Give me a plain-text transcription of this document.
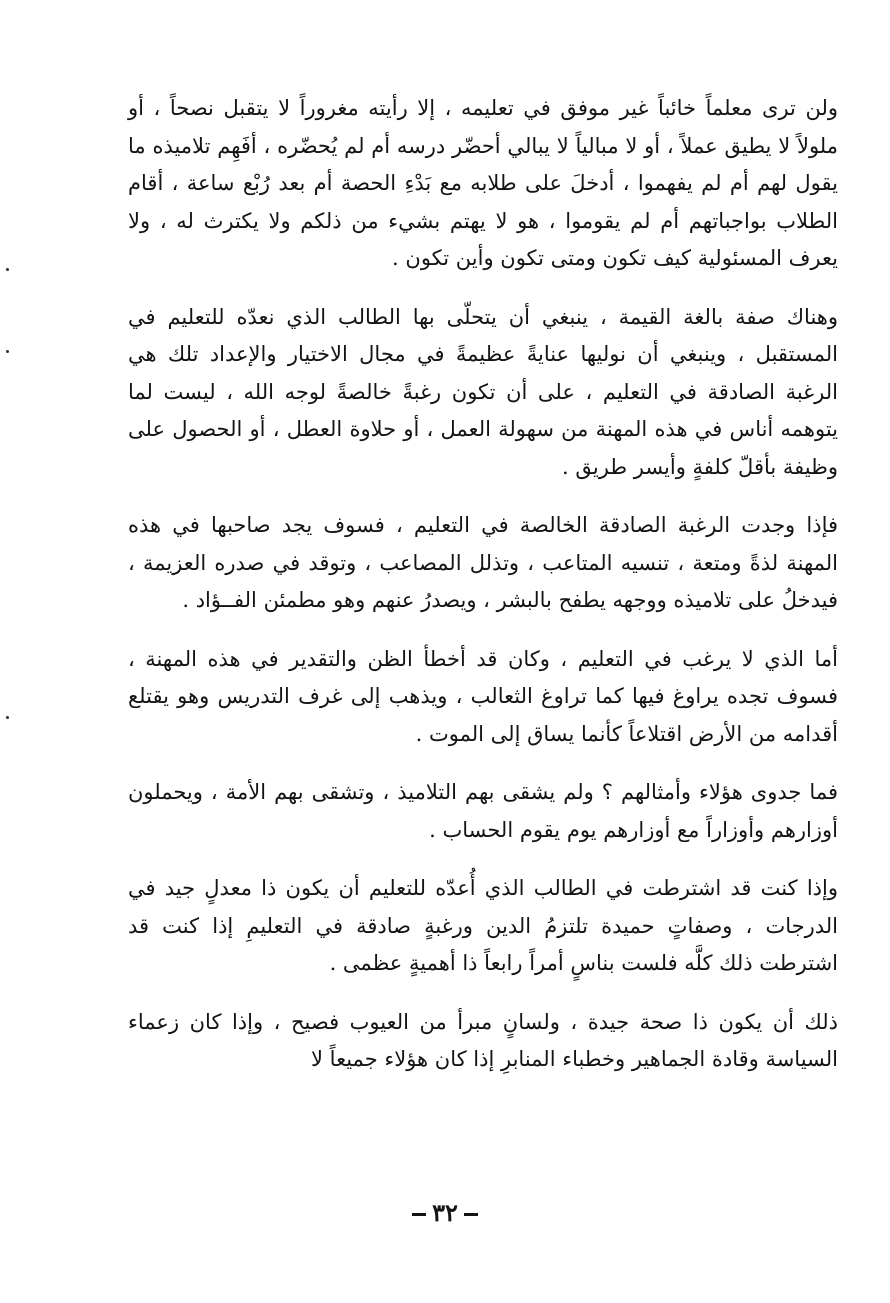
ولن ترى معلماً خائباً غير موفق في تعليمه ، إلا رأيته مغروراً لا يتقبل نصحاً ، أو ملولاً لا يطيق عملاً ، أو لا مبالياً لا يبالي أحضّر درسه أم لم يُحضّره ، أفَهِم تلاميذه ما يقول لهم أم لم يفهموا ، أدخلَ على طلابه مع بَدْءِ الحصة أم بعد رُبْع ساعة ، أقام الطلاب بواجباتهم أم لم يقوموا ، هو لا يهتم بشيء من ذلكم ولا يكترث له ، ولا يعرف المسئولية كيف تكون ومتى تكون وأين تكون .

وهناك صفة بالغة القيمة ، ينبغي أن يتحلّى بها الطالب الذي نعدّه للتعليم في المستقبل ، وينبغي أن نوليها عنايةً عظيمةً في مجال الاختيار والإعداد تلك هي الرغبة الصادقة في التعليم ، على أن تكون رغبةً خالصةً لوجه الله ، ليست لما يتوهمه أناس في هذه المهنة من سهولة العمل ، أو حلاوة العطل ، أو الحصول على وظيفة بأقلّ كلفةٍ وأيسر طريق .

فإذا وجدت الرغبة الصادقة الخالصة في التعليم ، فسوف يجد صاحبها في هذه المهنة لذةً ومتعة ، تنسيه المتاعب ، وتذلل المصاعب ، وتوقد في صدره العزيمة ، فيدخلُ على تلاميذه ووجهه يطفح بالبشر ، ويصدرُ عنهم وهو مطمئن الفــؤاد .

أما الذي لا يرغب في التعليم ، وكان قد أخطأ الظن والتقدير في هذه المهنة ، فسوف تجده يراوغ فيها كما تراوغ الثعالب ، ويذهب إلى غرف التدريس وهو يقتلع أقدامه من الأرض اقتلاعاً كأنما يساق إلى الموت .

فما جدوى هؤلاء وأمثالهم ؟ ولم يشقى بهم التلاميذ ، وتشقى بهم الأمة ، ويحملون أوزارهم وأوزاراً مع أوزارهم يوم يقوم الحساب .

وإذا كنت قد اشترطت في الطالب الذي أُعدّه للتعليم أن يكون ذا معدلٍ جيد في الدرجات ، وصفاتٍ حميدة تلتزمُ الدين ورغبةٍ صادقة في التعليمِ إذا كنت قد اشترطت ذلك كلَّه فلست بناسٍ أمراً رابعاً ذا أهميةٍ عظمى .

ذلك أن يكون ذا صحة جيدة ، ولسانٍ مبرأ من العيوب فصيح ، وإذا كان زعماء السياسة وقادة الجماهير وخطباء المنابرِ إذا كان هؤلاء جميعاً لا

٣٢
